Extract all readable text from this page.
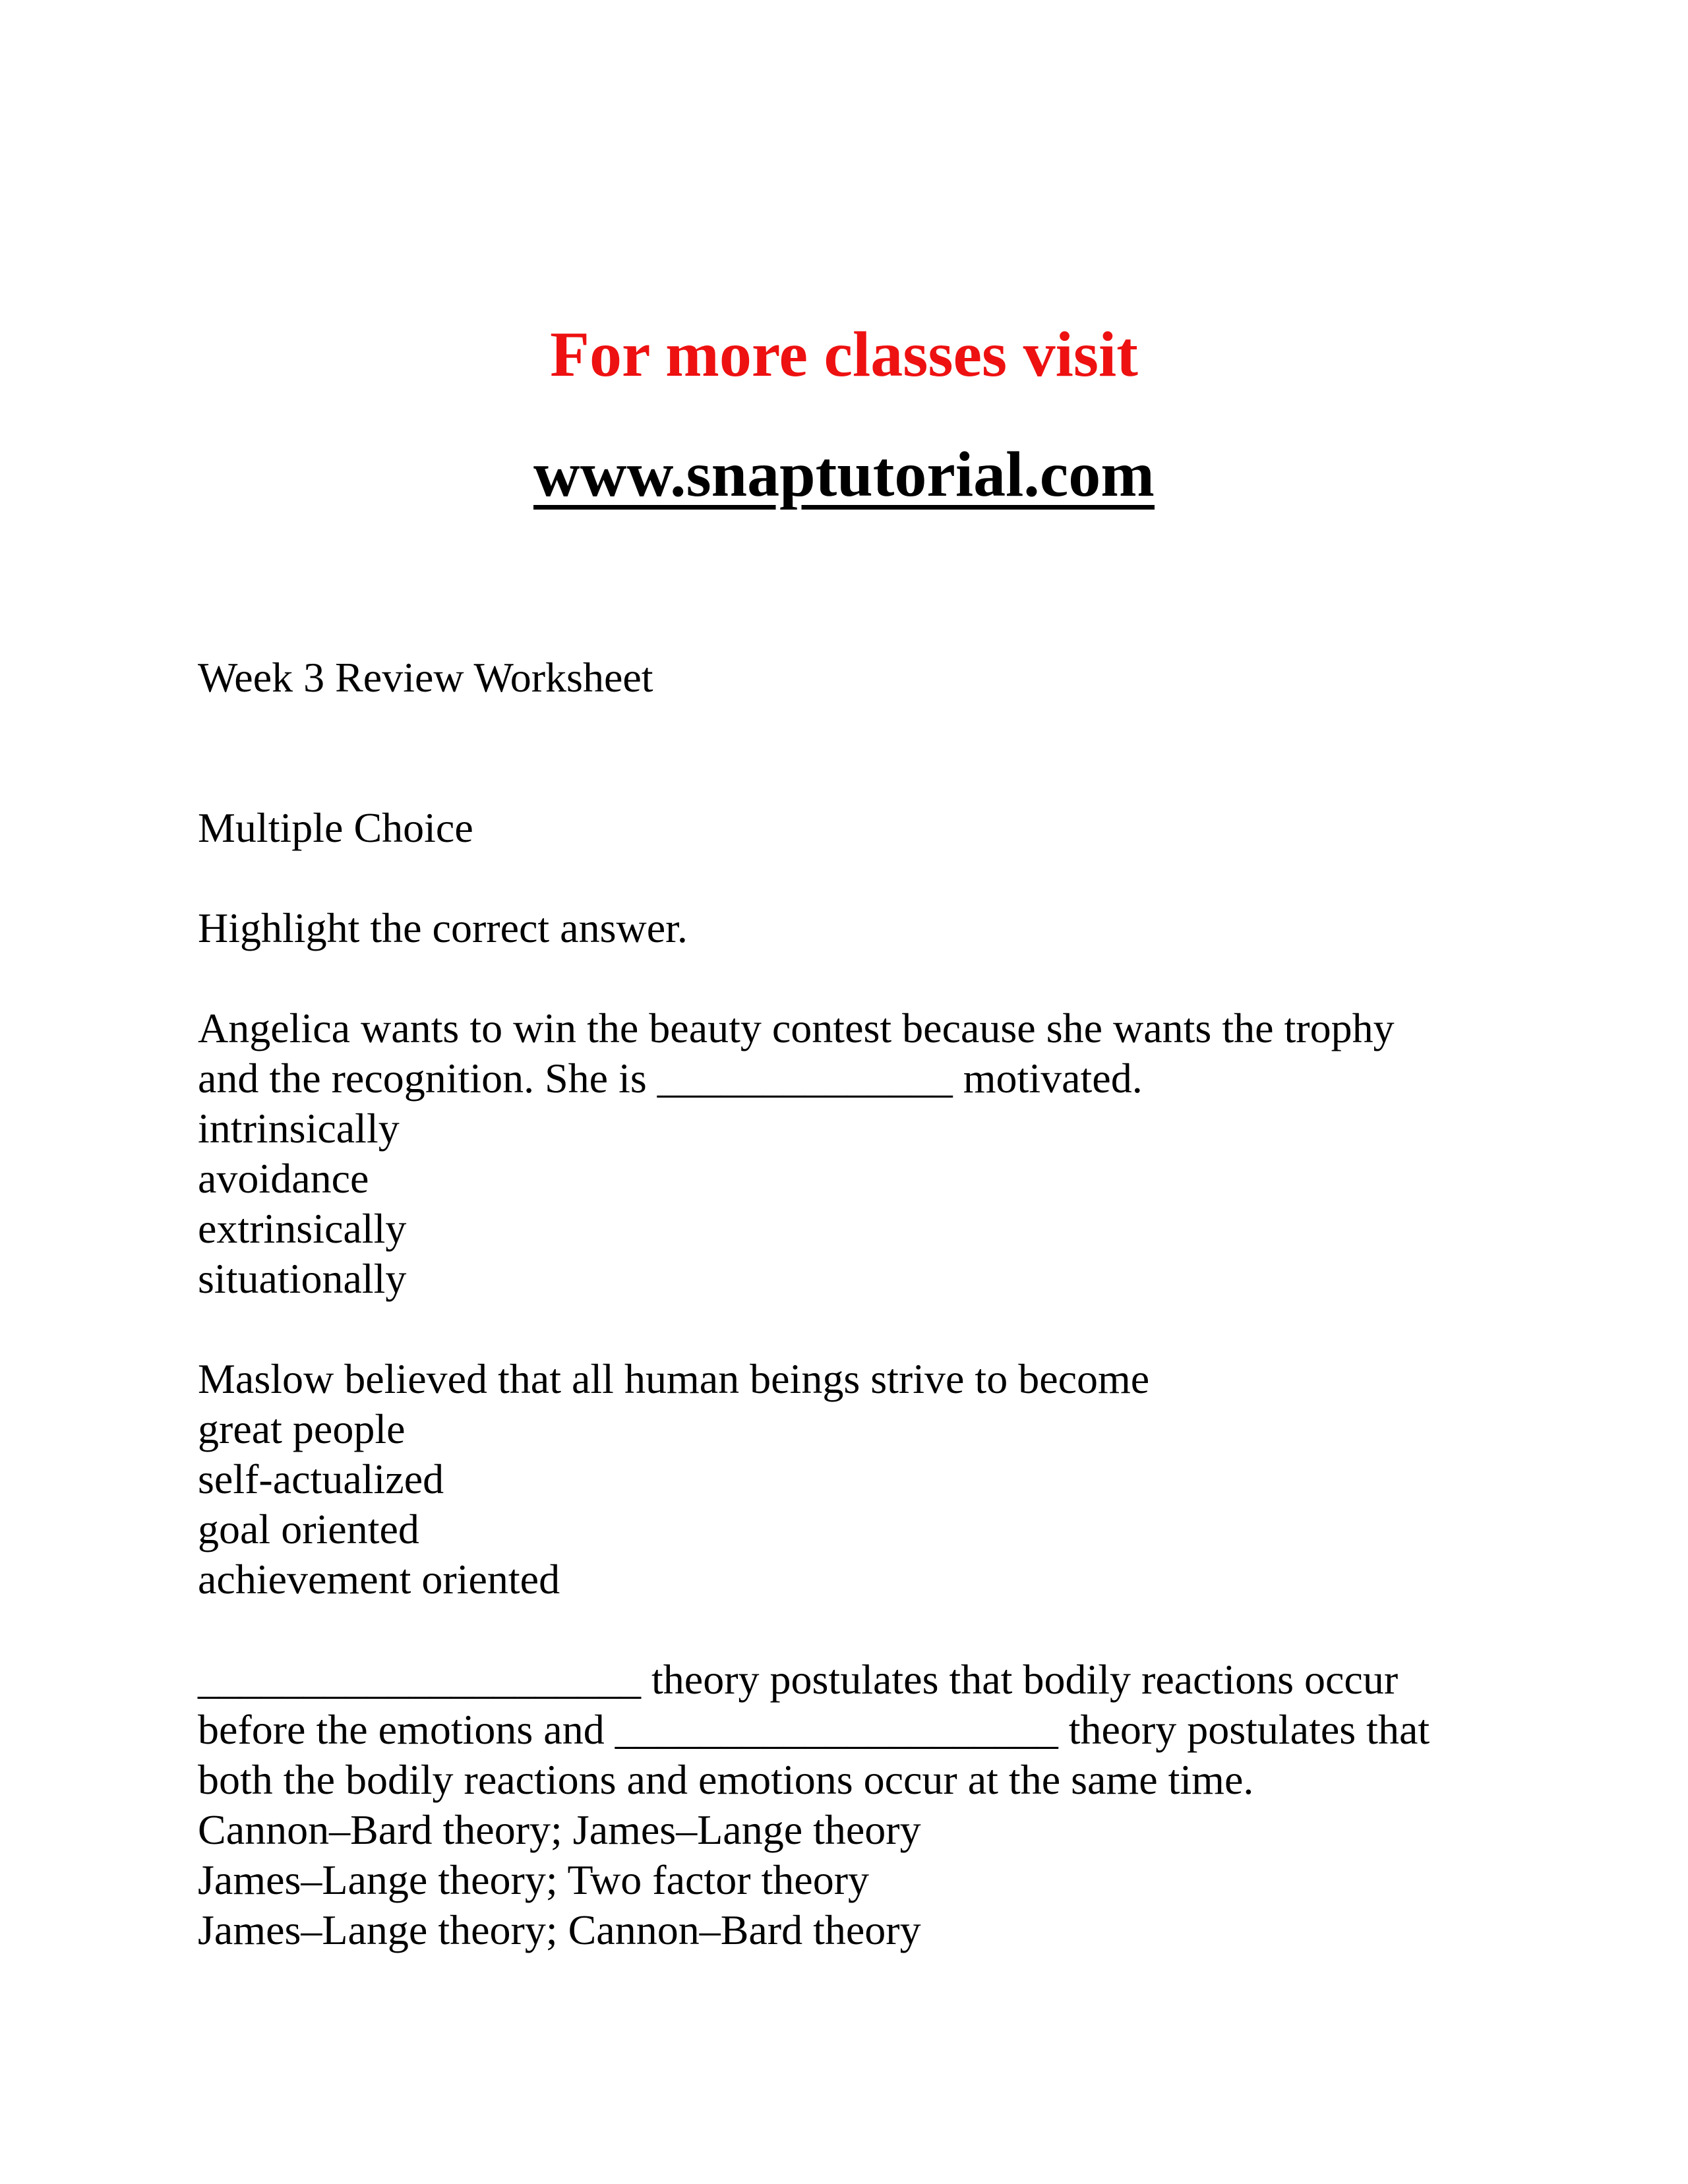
For more classes visit
www.snaptutorial.com
Week 3 Review Worksheet
Multiple Choice
Highlight the correct answer.
Angelica wants to win the beauty contest because she wants the trophy
and the recognition. She is ______________ motivated.
intrinsically
avoidance
extrinsically
situationally
Maslow believed that all human beings strive to become
great people
self-actualized
goal oriented
achievement oriented
_____________________ theory postulates that bodily reactions occur
before the emotions and _____________________ theory postulates that
both the bodily reactions and emotions occur at the same time.
Cannon–Bard theory; James–Lange theory
James–Lange theory; Two factor theory
James–Lange theory; Cannon–Bard theory
